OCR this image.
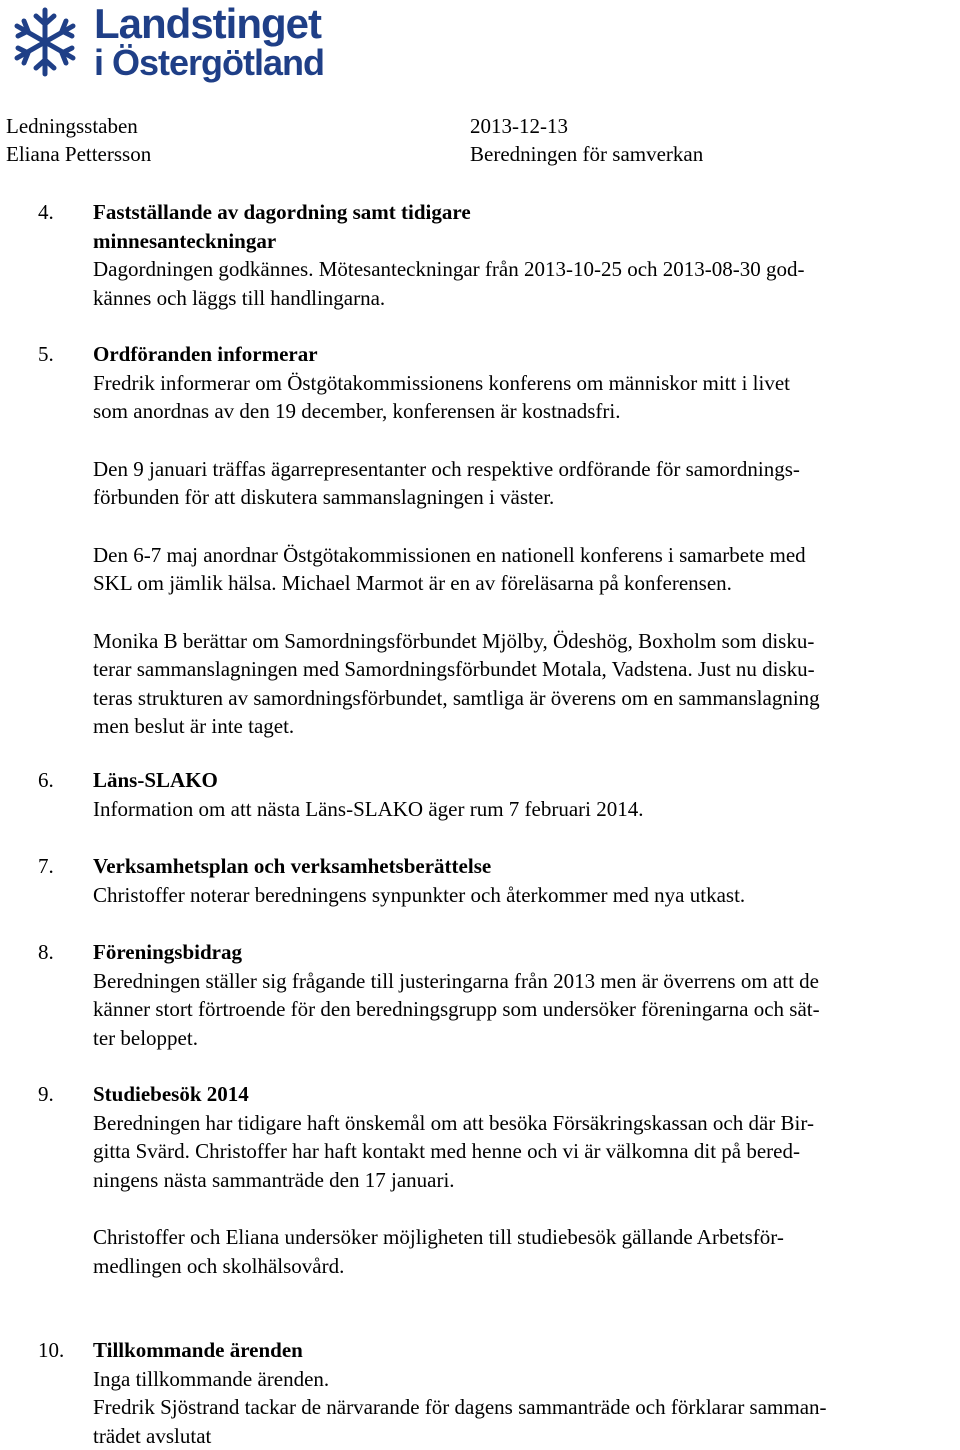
Landstinget
i Östergötland
Ledningsstaben
Eliana Pettersson
2013-12-13
Beredningen för samverkan
4. Fastställande av dagordning samt tidigare
minnesanteckningar
Dagordningen godkännes. Mötesanteckningar från 2013-10-25 och 2013-08-30 god-
kännes och läggs till handlingarna.
5. Ordföranden informerar
Fredrik informerar om Östgötakommissionens konferens om människor mitt i livet
som anordnas av den 19 december, konferensen är kostnadsfri.
Den 9 januari träffas ägarrepresentanter och respektive ordförande för samordnings-
förbunden för att diskutera sammanslagningen i väster.
Den 6-7 maj anordnar Östgötakommissionen en nationell konferens i samarbete med
SKL om jämlik hälsa. Michael Marmot är en av föreläsarna på konferensen.
Monika B berättar om Samordningsförbundet Mjölby, Ödeshög, Boxholm som disku-
terar sammanslagningen med Samordningsförbundet Motala, Vadstena. Just nu disku-
teras strukturen av samordningsförbundet, samtliga är överens om en sammanslagning
men beslut är inte taget.
6. Läns-SLAKO
Information om att nästa Läns-SLAKO äger rum 7 februari 2014.
7. Verksamhetsplan och verksamhetsberättelse
Christoffer noterar beredningens synpunkter och återkommer med nya utkast.
8. Föreningsbidrag
Beredningen ställer sig frågande till justeringarna från 2013 men är överrens om att de
känner stort förtroende för den beredningsgrupp som undersöker föreningarna och sät-
ter beloppet.
9. Studiebesök 2014
Beredningen har tidigare haft önskemål om att besöka Försäkringskassan och där Bir-
gitta Svärd. Christoffer har haft kontakt med henne och vi är välkomna dit på bered-
ningens nästa sammanträde den 17 januari.
Christoffer och Eliana undersöker möjligheten till studiebesök gällande Arbetsför-
medlingen och skolhälsovård.
10. Tillkommande ärenden
Inga tillkommande ärenden.
Fredrik Sjöstrand tackar de närvarande för dagens sammanträde och förklarar samman-
trädet avslutat
